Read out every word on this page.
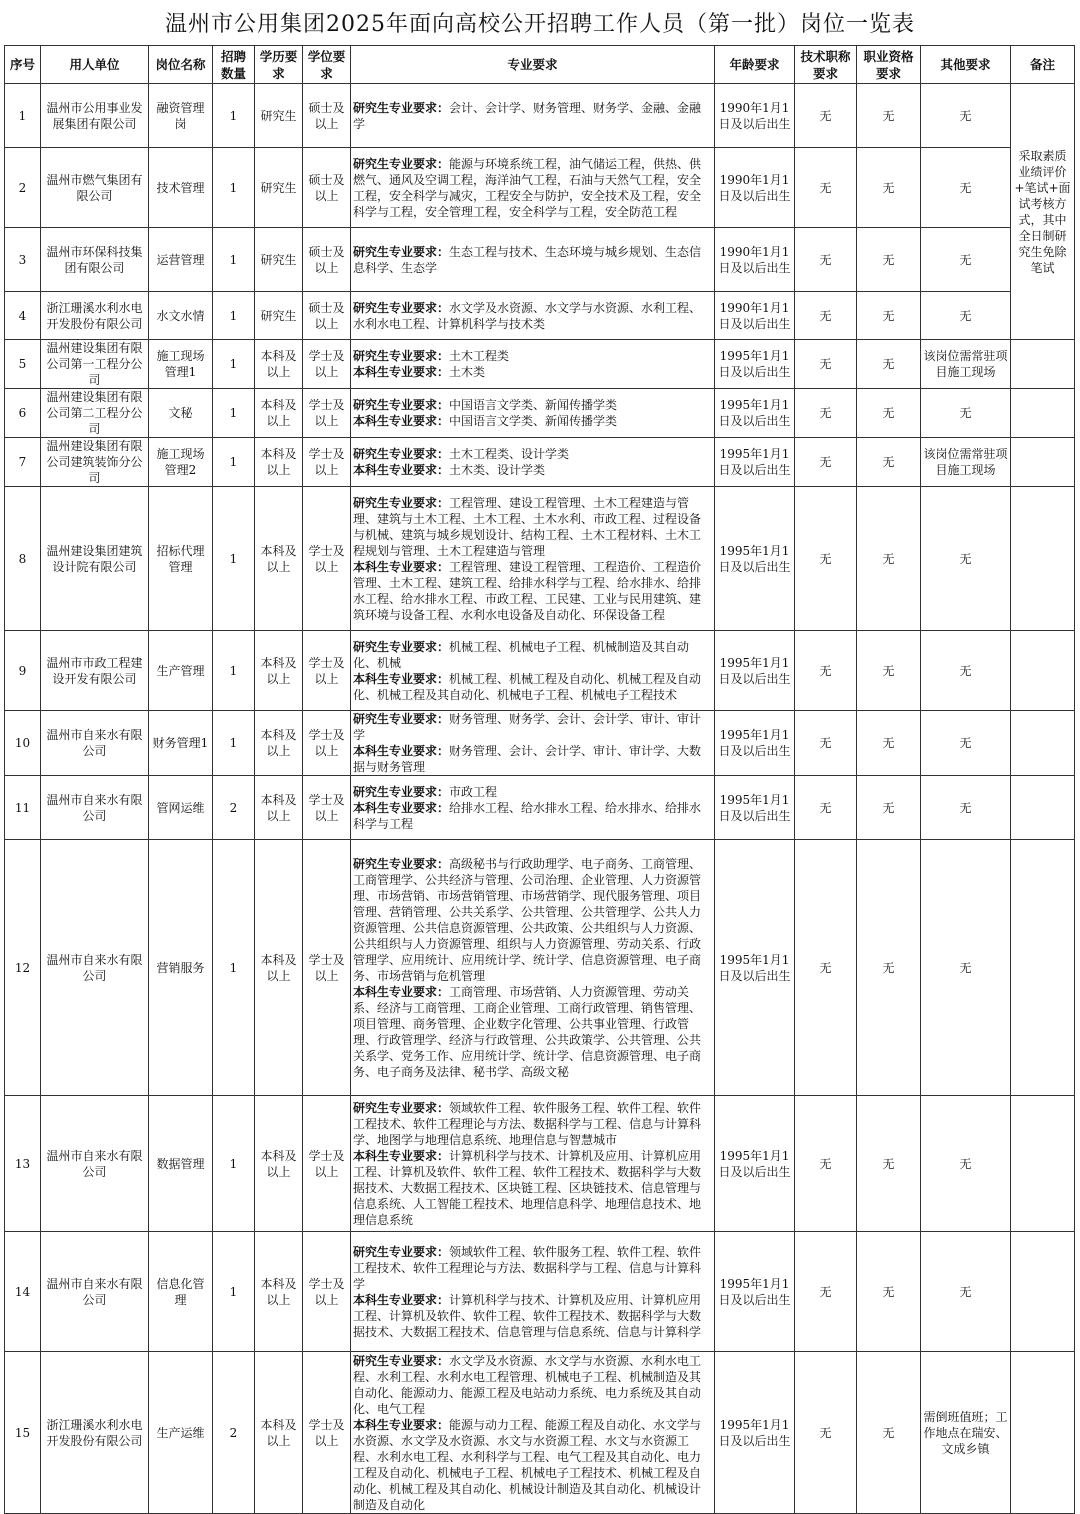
温州市公用集团2025年面向高校公开招聘工作人员（第一批）岗位一览表
序号	用人单位	岗位名称	招聘数量	学历要求	学位要求	专业要求	年龄要求	技术职称要求	职业资格要求	其他要求	备注
1	温州市公用事业发展集团有限公司	融资管理岗	1	研究生	硕士及以上	研究生专业要求：会计、会计学、财务管理、财务学、金融、金融学	1990年1月1日及以后出生	无	无	无	采取素质业绩评价+笔试+面试考核方式，其中全日制研究生免除笔试
2	温州市燃气集团有限公司	技术管理	1	研究生	硕士及以上	研究生专业要求：能源与环境系统工程，油气储运工程，供热、供燃气、通风及空调工程，海洋油气工程，石油与天然气工程，安全工程，安全科学与减灾，工程安全与防护，安全技术及工程，安全科学与工程，安全管理工程，安全科学与工程，安全防范工程	1990年1月1日及以后出生	无	无	无	
3	温州市环保科技集团有限公司	运营管理	1	研究生	硕士及以上	研究生专业要求：生态工程与技术、生态环境与城乡规划、生态信息科学、生态学	1990年1月1日及以后出生	无	无	无	
4	浙江珊溪水利水电开发股份有限公司	水文水情	1	研究生	硕士及以上	研究生专业要求：水文学及水资源、水文学与水资源、水利工程、水利水电工程、计算机科学与技术类	1990年1月1日及以后出生	无	无	无	
5	温州建设集团有限公司第一工程分公司	施工现场管理1	1	本科及以上	学士及以上	研究生专业要求：土木工程类
本科生专业要求：土木类	1995年1月1日及以后出生	无	无	该岗位需常驻项目施工现场	
6	温州建设集团有限公司第二工程分公司	文秘	1	本科及以上	学士及以上	研究生专业要求：中国语言文学类、新闻传播学类
本科生专业要求：中国语言文学类、新闻传播学类	1995年1月1日及以后出生	无	无	无	
7	温州建设集团有限公司建筑装饰分公司	施工现场管理2	1	本科及以上	学士及以上	研究生专业要求：土木工程类、设计学类
本科生专业要求：土木类、设计学类	1995年1月1日及以后出生	无	无	该岗位需常驻项目施工现场	
8	温州建设集团建筑设计院有限公司	招标代理管理	1	本科及以上	学士及以上	研究生专业要求：工程管理、建设工程管理、土木工程建造与管理、建筑与土木工程、土木工程、土木水利、市政工程、过程设备与机械、建筑与城乡规划设计、结构工程、土木工程材料、土木工程规划与管理、土木工程建造与管理
本科生专业要求：工程管理、建设工程管理、工程造价、工程造价管理、土木工程、建筑工程、给排水科学与工程、给水排水、给排水工程、给水排水工程、市政工程、工民建、工业与民用建筑、建筑环境与设备工程、水利水电设备及自动化、环保设备工程	1995年1月1日及以后出生	无	无	无	
9	温州市市政工程建设开发有限公司	生产管理	1	本科及以上	学士及以上	研究生专业要求：机械工程、机械电子工程、机械制造及其自动化、机械
本科生专业要求：机械工程、机械工程及自动化、机械工程及自动化、机械工程及其自动化、机械电子工程、机械电子工程技术	1995年1月1日及以后出生	无	无	无	
10	温州市自来水有限公司	财务管理1	1	本科及以上	学士及以上	研究生专业要求：财务管理、财务学、会计、会计学、审计、审计学
本科生专业要求：财务管理、会计、会计学、审计、审计学、大数据与财务管理	1995年1月1日及以后出生	无	无	无	
11	温州市自来水有限公司	管网运维	2	本科及以上	学士及以上	研究生专业要求：市政工程
本科生专业要求：给排水工程、给水排水工程、给水排水、给排水科学与工程	1995年1月1日及以后出生	无	无	无	
12	温州市自来水有限公司	营销服务	1	本科及以上	学士及以上	研究生专业要求：高级秘书与行政助理学、电子商务、工商管理、工商管理学、公共经济与管理、公司治理、企业管理、人力资源管理、市场营销、市场营销管理、市场营销学、现代服务管理、项目管理、营销管理、公共关系学、公共管理、公共管理学、公共人力资源管理、公共信息资源管理、公共政策、公共组织与人力资源、公共组织与人力资源管理、组织与人力资源管理、劳动关系、行政管理学、应用统计、应用统计学、统计学、信息资源管理、电子商务、市场营销与危机管理
本科生专业要求：工商管理、市场营销、人力资源管理、劳动关系、经济与工商管理、工商企业管理、工商行政管理、销售管理、项目管理、商务管理、企业数字化管理、公共事业管理、行政管理、行政管理学、经济与行政管理、公共政策学、公共管理、公共关系学、党务工作、应用统计学、统计学、信息资源管理、电子商务、电子商务及法律、秘书学、高级文秘	1995年1月1日及以后出生	无	无	无	
13	温州市自来水有限公司	数据管理	1	本科及以上	学士及以上	研究生专业要求：领域软件工程、软件服务工程、软件工程、软件工程技术、软件工程理论与方法、数据科学与工程、信息与计算科学、地图学与地理信息系统、地理信息与智慧城市
本科生专业要求：计算机科学与技术、计算机及应用、计算机应用工程、计算机及软件、软件工程、软件工程技术、数据科学与大数据技术、大数据工程技术、区块链工程、区块链技术、信息管理与信息系统、人工智能工程技术、地理信息科学、地理信息技术、地理信息系统	1995年1月1日及以后出生	无	无	无	
14	温州市自来水有限公司	信息化管理	1	本科及以上	学士及以上	研究生专业要求：领域软件工程、软件服务工程、软件工程、软件工程技术、软件工程理论与方法、数据科学与工程、信息与计算科学
本科生专业要求：计算机科学与技术、计算机及应用、计算机应用工程、计算机及软件、软件工程、软件工程技术、数据科学与大数据技术、大数据工程技术、信息管理与信息系统、信息与计算科学	1995年1月1日及以后出生	无	无	无	
15	浙江珊溪水利水电开发股份有限公司	生产运维	2	本科及以上	学士及以上	研究生专业要求：水文学及水资源、水文学与水资源、水利水电工程、水利工程、水利水电工程管理、机械电子工程、机械制造及其自动化、能源动力、能源工程及电站动力系统、电力系统及其自动化、电气工程
本科生专业要求：能源与动力工程、能源工程及自动化、水文学与水资源、水文学及水资源、水文与水资源工程、水文与水资源工程、水利水电工程、水利科学与工程、电气工程及其自动化、电力工程及自动化、机械电子工程、机械电子工程技术、机械工程及自动化、机械工程及其自动化、机械设计制造及其自动化、机械设计制造及自动化	1995年1月1日及以后出生	无	无	需倒班值班；工作地点在瑞安、文成乡镇	
